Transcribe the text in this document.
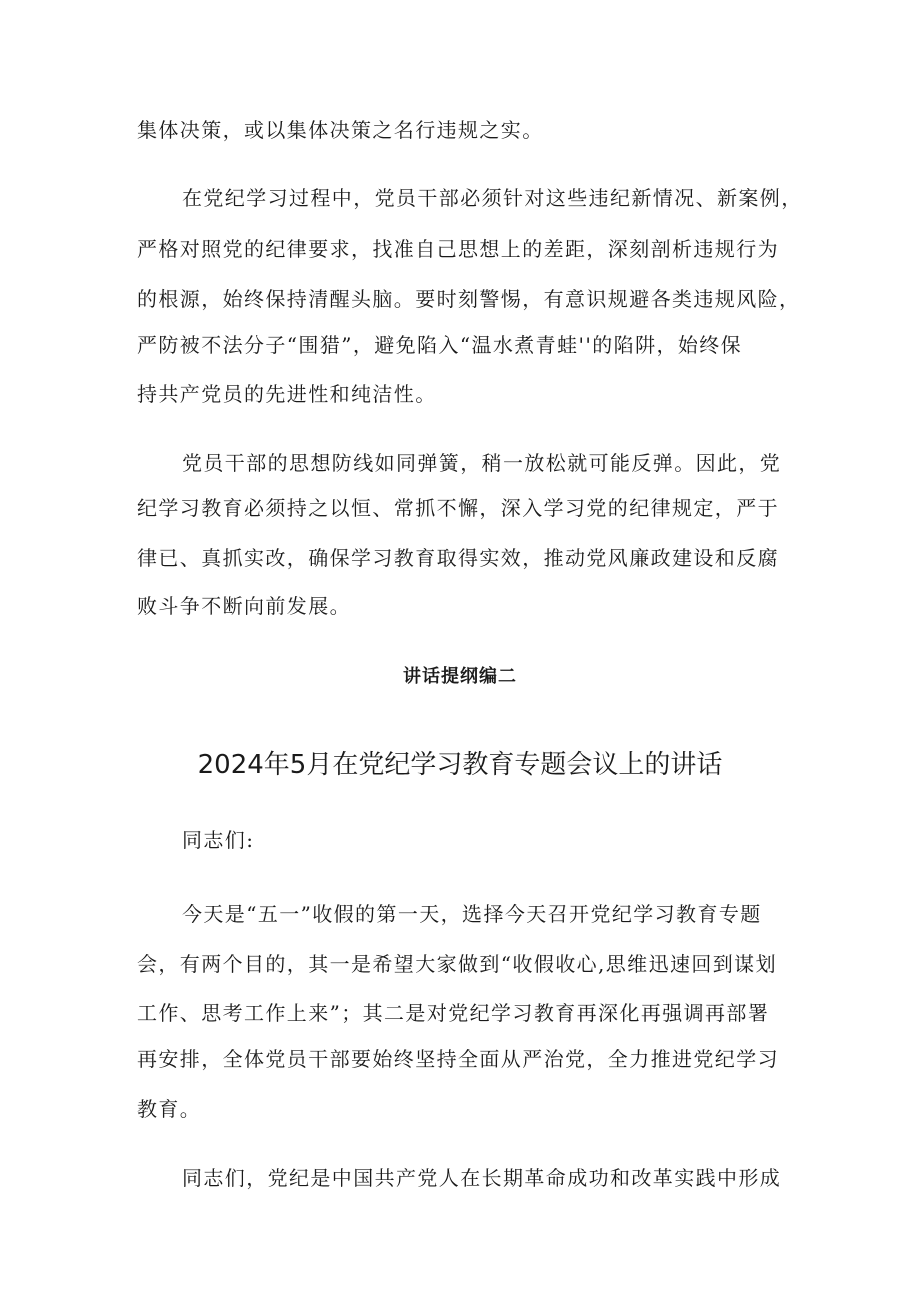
集体决策，或以集体决策之名行违规之实。
在党纪学习过程中，党员干部必须针对这些违纪新情况、新案例，
严格对照党的纪律要求，找准自己思想上的差距，深刻剖析违规行为
的根源，始终保持清醒头脑。要时刻警惕，有意识规避各类违规风险，
严防被不法分子“围猎”，避免陷入“温水煮青蛙''的陷阱，始终保
持共产党员的先进性和纯洁性。
党员干部的思想防线如同弹簧，稍一放松就可能反弹。因此，党
纪学习教育必须持之以恒、常抓不懈，深入学习党的纪律规定，严于
律已、真抓实改，确保学习教育取得实效，推动党风廉政建设和反腐
败斗争不断向前发展。
讲话提纲编二
2024年5月在党纪学习教育专题会议上的讲话
同志们:
今天是“五一”收假的第一天，选择今天召开党纪学习教育专题
会，有两个目的，其一是希望大家做到“收假收心,思维迅速回到谋划
工作、思考工作上来”；其二是对党纪学习教育再深化再强调再部署
再安排，全体党员干部要始终坚持全面从严治党，全力推进党纪学习
教育。
同志们，党纪是中国共产党人在长期革命成功和改革实践中形成
